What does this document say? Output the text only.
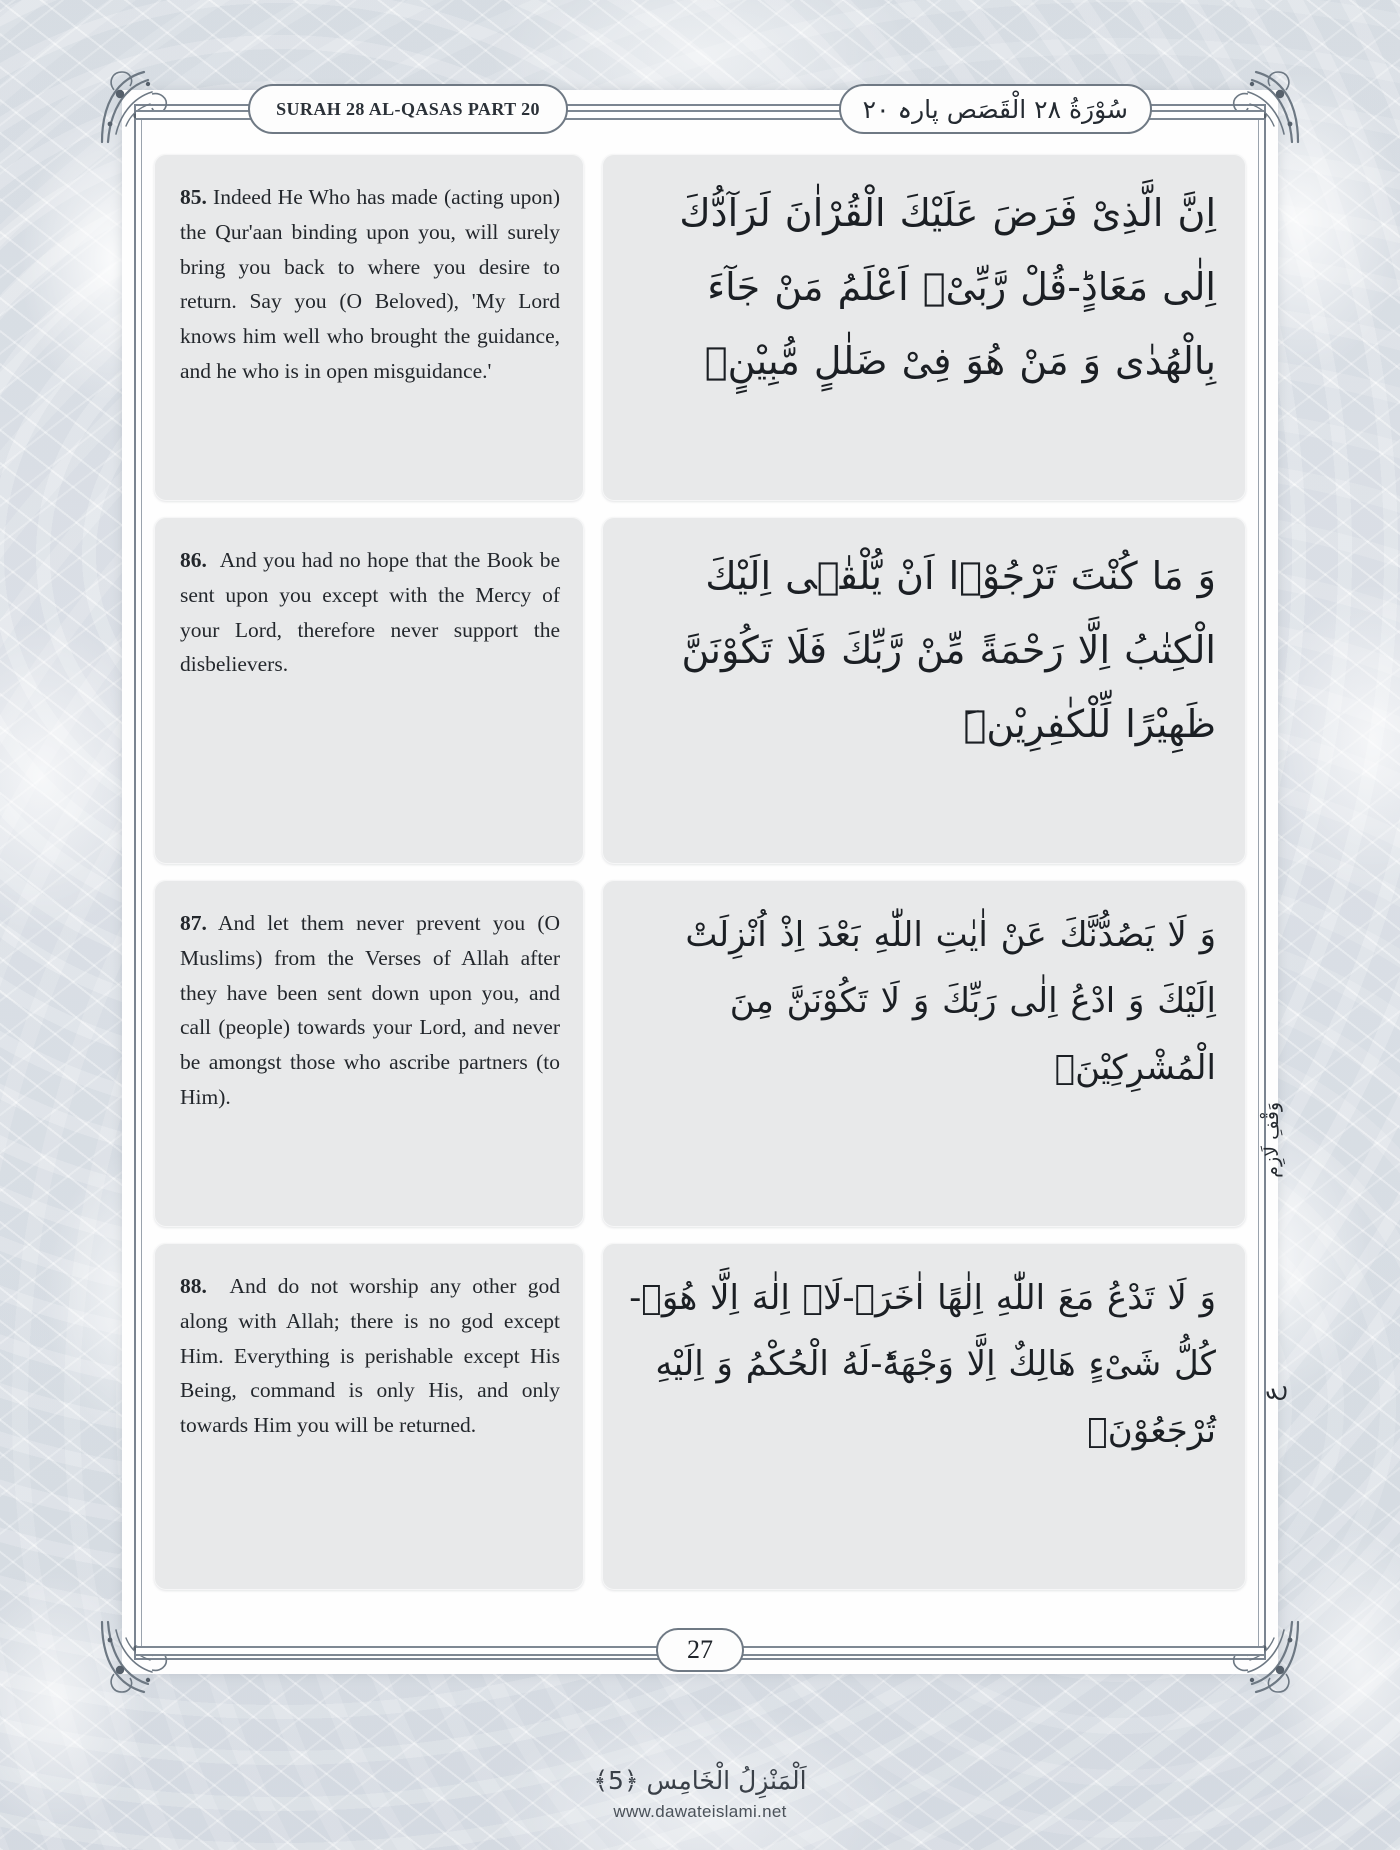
SURAH 28 AL-QASAS PART 20	سُوْرَةُ ٢٨ الْقَصَص پارہ ٢٠

85. Indeed He Who has made (acting upon) the Qur'aan binding upon you, will surely bring you back to where you desire to return. Say you (O Beloved), 'My Lord knows him well who brought the guidance, and he who is in open misguidance.'

اِنَّ الَّذِیْ فَرَضَ عَلَیْكَ الْقُرْاٰنَ لَرَآدُّكَ اِلٰى مَعَادٍؕ-قُلْ رَّبِّیْۤ اَعْلَمُ مَنْ جَآءَ بِالْهُدٰى وَ مَنْ هُوَ فِیْ ضَلٰلٍ مُّبِیْنٍ۠

86. And you had no hope that the Book be sent upon you except with the Mercy of your Lord, therefore never support the disbelievers.

وَ مَا كُنْتَ تَرْجُوْۤا اَنْ یُّلْقٰۤى اِلَیْكَ الْكِتٰبُ اِلَّا رَحْمَةً مِّنْ رَّبِّكَ فَلَا تَكُوْنَنَّ ظَهِیْرًا لِّلْكٰفِرِیْنَ٘

87. And let them never prevent you (O Muslims) from the Verses of Allah after they have been sent down upon you, and call (people) towards your Lord, and never be amongst those who ascribe partners (to Him).

وَ لَا یَصُدُّنَّكَ عَنْ اٰیٰتِ اللّٰهِ بَعْدَ اِذْ اُنْزِلَتْ اِلَیْكَ وَ ادْعُ اِلٰى رَبِّكَ وَ لَا تَكُوْنَنَّ مِنَ الْمُشْرِكِیْنَۚ

88. And do not worship any other god along with Allah; there is no god except Him. Everything is perishable except His Being, command is only His, and only towards Him you will be returned.

وَ لَا تَدْعُ مَعَ اللّٰهِ اِلٰهًا اٰخَرَۘ-لَاۤ اِلٰهَ اِلَّا هُوَ۫-كُلُّ شَیْءٍ هَالِكٌ اِلَّا وَجْهَهٗؕ-لَهُ الْحُكْمُ وَ اِلَیْهِ تُرْجَعُوْنَ۠

وَقْفِ لَازِم
ع
27
اَلْمَنْزِلُ الْخَامِس ﴿5﴾
www.dawateislami.net
